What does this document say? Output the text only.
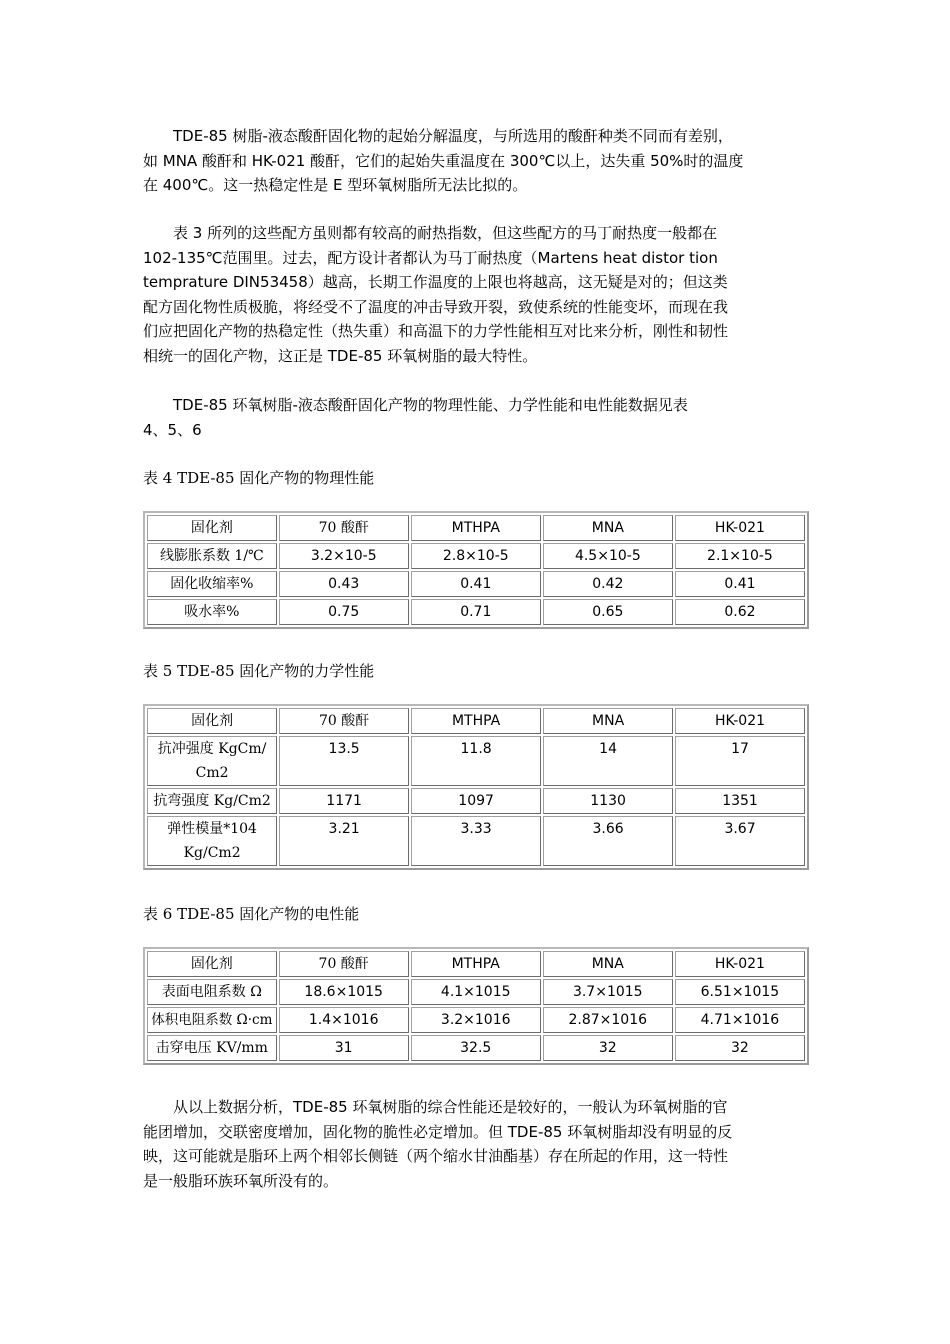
　　TDE-85 树脂-液态酸酐固化物的起始分解温度，与所选用的酸酐种类不同而有差别，
如 MNA 酸酐和 HK-021 酸酐，它们的起始失重温度在 300℃以上，达失重 50%时的温度
在 400℃。这一热稳定性是 E 型环氧树脂所无法比拟的。
　　表 3 所列的这些配方虽则都有较高的耐热指数，但这些配方的马丁耐热度一般都在
102-135℃范围里。过去，配方设计者都认为马丁耐热度（Martens heat distor tion
temprature DIN53458）越高，长期工作温度的上限也将越高，这无疑是对的；但这类
配方固化物性质极脆，将经受不了温度的冲击导致开裂，致使系统的性能变坏，而现在我
们应把固化产物的热稳定性（热失重）和高温下的力学性能相互对比来分析，刚性和韧性
相统一的固化产物，这正是 TDE-85 环氧树脂的最大特性。
　　TDE-85 环氧树脂-液态酸酐固化产物的物理性能、力学性能和电性能数据见表
4、5、6

表 4 TDE-85 固化产物的物理性能

固化剂	70 酸酐	MTHPA	MNA	HK-021
线膨胀系数 1/℃	3.2×10-5	2.8×10-5	4.5×10-5	2.1×10-5
固化收缩率%	0.43	0.41	0.42	0.41
吸水率%	0.75	0.71	0.65	0.62

表 5 TDE-85 固化产物的力学性能

固化剂	70 酸酐	MTHPA	MNA	HK-021
抗冲强度 KgCm/
Cm2	13.5	11.8	14	17
抗弯强度 Kg/Cm2	1171	1097	1130	1351
弹性模量*104
Kg/Cm2	3.21	3.33	3.66	3.67

表 6 TDE-85 固化产物的电性能

固化剂	70 酸酐	MTHPA	MNA	HK-021
表面电阻系数 Ω	18.6×1015	4.1×1015	3.7×1015	6.51×1015
体积电阻系数 Ω·cm	1.4×1016	3.2×1016	2.87×1016	4.71×1016
击穿电压 KV/mm	31	32.5	32	32
　　从以上数据分析，TDE-85 环氧树脂的综合性能还是较好的，一般认为环氧树脂的官
能团增加，交联密度增加，固化物的脆性必定增加。但 TDE-85 环氧树脂却没有明显的反
映，这可能就是脂环上两个相邻长侧链（两个缩水甘油酯基）存在所起的作用，这一特性
是一般脂环族环氧所没有的。
